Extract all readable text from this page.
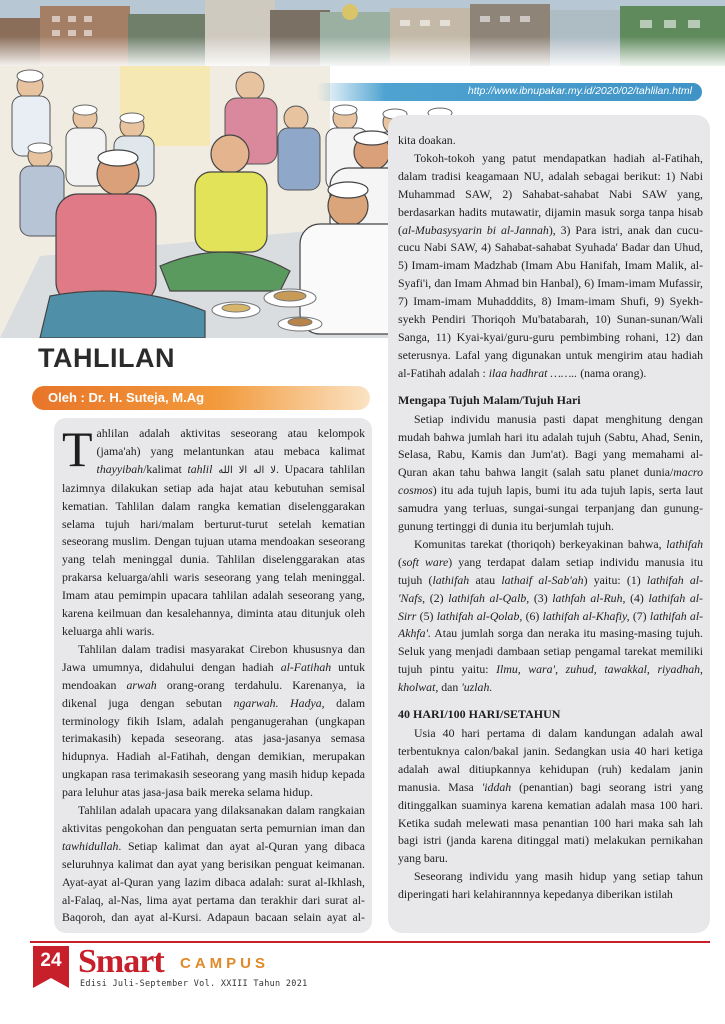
http://www.ibnupakar.my.id/2020/02/tahlilan.html
TAHLILAN
Oleh : Dr. H. Suteja, M.Ag

Tahlilan adalah aktivitas seseorang atau kelompok (jama'ah) yang melantunkan atau mebaca kalimat thayyibah/kalimat tahlil لا اله الا الله. Upacara tahlilan lazimnya dilakukan setiap ada hajat atau kebutuhan semisal kematian. Tahlilan dalam rangka kematian diselenggarakan selama tujuh hari/malam berturut-turut setelah kematian seseorang muslim. Dengan tujuan utama mendoakan seseorang yang telah meninggal dunia. Tahlilan diselenggarakan atas prakarsa keluarga/ahli waris seseorang yang telah meninggal. Imam atau pemimpin upacara tahlilan adalah seseorang yang, karena keilmuan dan kesalehannya, diminta atau ditunjuk oleh keluarga ahli waris.

Tahlilan dalam tradisi masyarakat Cirebon khususnya dan Jawa umumnya, didahului dengan hadiah al-Fatihah untuk mendoakan arwah orang-orang terdahulu. Karenanya, ia dikenal juga dengan sebutan ngarwah. Hadya, dalam terminology fikih Islam, adalah penganugerahan (ungkapan terimakasih) kepada seseorang. atas jasa-jasanya semasa hidupnya. Hadiah al-Fatihah, dengan demikian, merupakan ungkapan rasa terimakasih seseorang yang masih hidup kepada para leluhur atas jasa-jasa baik mereka selama hidup.

Tahlilan adalah upacara yang dilaksanakan dalam rangkaian aktivitas pengokohan dan penguatan serta pemurnian iman dan tawhidullah. Setiap kalimat dan ayat al-Quran yang dibaca seluruhnya kalimat dan ayat yang berisikan penguat keimanan. Ayat-ayat al-Quran yang lazim dibaca adalah: surat al-Ikhlash, al-Falaq, al-Nas, lima ayat pertama dan terakhir dari surat al-Baqoroh, dan ayat al-Kursi. Adapaun bacaan selain ayat al-

kita doakan.

Tokoh-tokoh yang patut mendapatkan hadiah al-Fatihah, dalam tradisi keagamaan NU, adalah sebagai berikut: 1) Nabi Muhammad SAW, 2) Sahabat-sahabat Nabi SAW yang, berdasarkan hadits mutawatir, dijamin masuk sorga tanpa hisab (al-Mubasysyarin bi al-Jannah), 3) Para istri, anak dan cucu-cucu Nabi SAW, 4) Sahabat-sahabat Syuhada' Badar dan Uhud, 5) Imam-imam Madzhab (Imam Abu Hanifah, Imam Malik, al-Syafi'i, dan Imam Ahmad bin Hanbal), 6) Imam-imam Mufassir, 7) Imam-imam Muhadddits, 8) Imam-imam Shufi, 9) Syekh-syekh Pendiri Thoriqoh Mu'batabarah, 10) Sunan-sunan/Wali Sanga, 11) Kyai-kyai/guru-guru pembimbing rohani, 12) dan seterusnya. Lafal yang digunakan untuk mengirim atau hadiah al-Fatihah adalah : ilaa hadhrat …….. (nama orang).

Mengapa Tujuh Malam/Tujuh Hari

Setiap individu manusia pasti dapat menghitung dengan mudah bahwa jumlah hari itu adalah tujuh (Sabtu, Ahad, Senin, Selasa, Rabu, Kamis dan Jum'at). Bagi yang memahami al-Quran akan tahu bahwa langit (salah satu planet dunia/macro cosmos) itu ada tujuh lapis, bumi itu ada tujuh lapis, serta laut samudra yang terluas, sungai-sungai terpanjang dan gunung-gunung tertinggi di dunia itu berjumlah tujuh.

Komunitas tarekat (thoriqoh) berkeyakinan bahwa, lathifah (soft ware) yang terdapat dalam setiap individu manusia itu tujuh (lathifah atau lathaif al-Sab'ah) yaitu: (1) lathifah al-'Nafs, (2) lathifah al-Qalb, (3) lathfah al-Ruh, (4) lathifah al-Sirr (5) lathifah al-Qolab, (6) lathifah al-Khafiy, (7) lathifah al-Akhfa'. Atau jumlah sorga dan neraka itu masing-masing tujuh. Seluk yang menjadi dambaan setiap pengamal tarekat memiliki tujuh pintu yaitu: Ilmu, wara', zuhud, tawakkal, riyadhah, kholwat, dan 'uzlah.

40 HARI/100 HARI/SETAHUN

Usia 40 hari pertama di dalam kandungan adalah awal terbentuknya calon/bakal janin. Sedangkan usia 40 hari ketiga adalah awal ditiupkannya kehidupan (ruh) kedalam janin manusia. Masa 'iddah (penantian) bagi seorang istri yang ditinggalkan suaminya karena kematian adalah masa 100 hari. Ketika sudah melewati masa penantian 100 hari maka sah lah bagi istri (janda karena ditinggal mati) melakukan pernikahan yang baru.

Seseorang individu yang masih hidup yang setiap tahun diperingati hari kelahirannnya kepedanya diberikan istilah

24 Smart CAMPUS
Edisi Juli-September Vol. XXIII Tahun 2021
